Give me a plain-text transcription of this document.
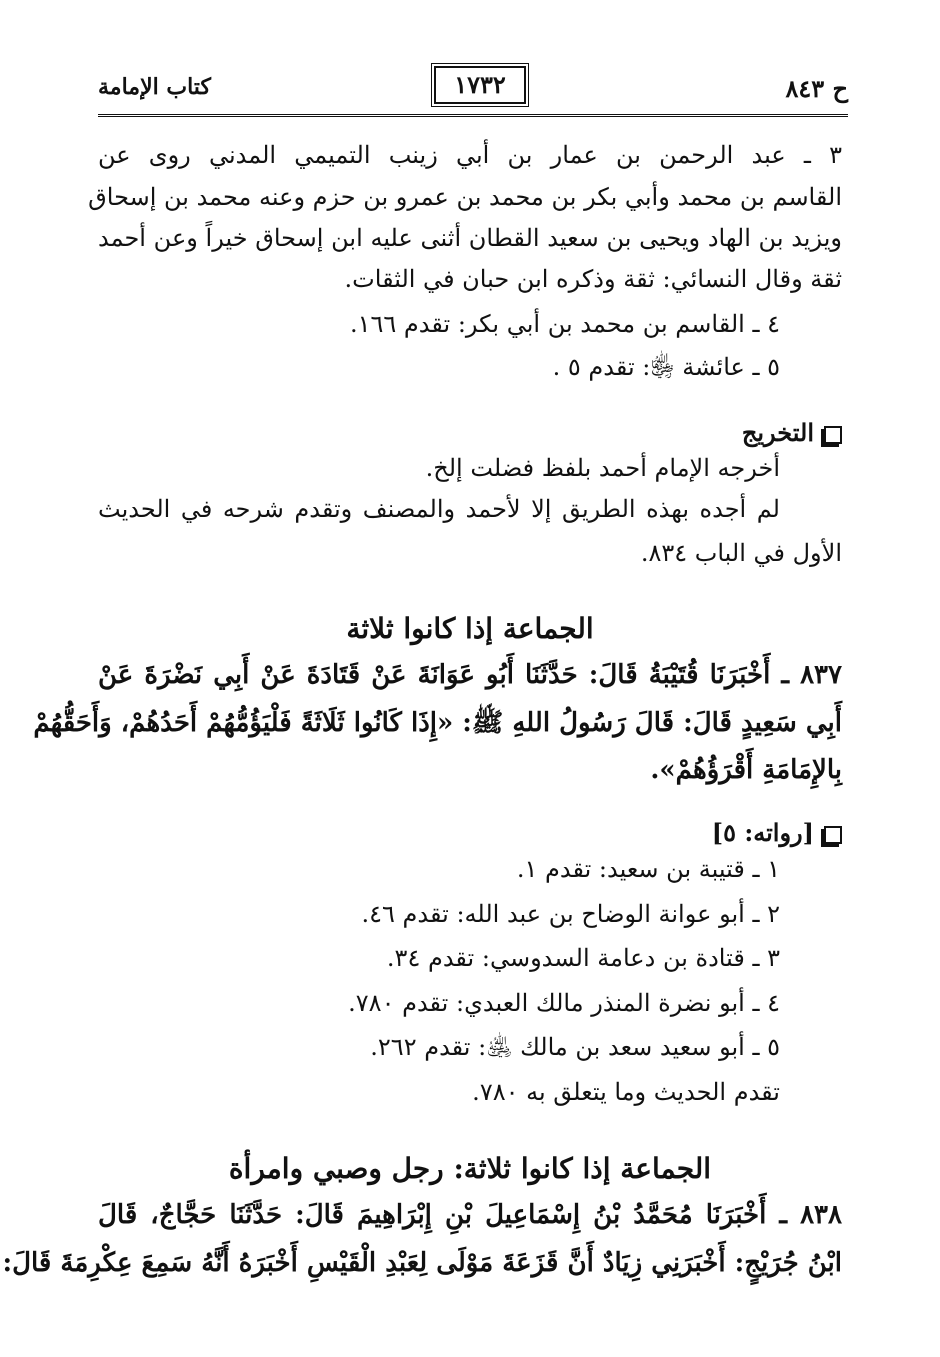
ح ٨٤٣
١٧٣٢
كتاب الإمامة
٣ ـ عبد الرحمن بن عمار بن أبي زينب التميمي المدني روى عن
القاسم بن محمد وأبي بكر بن محمد بن عمرو بن حزم وعنه محمد بن إسحاق
ويزيد بن الهاد ويحيى بن سعيد القطان أثنى عليه ابن إسحاق خيراً وعن أحمد
ثقة وقال النسائي: ثقة وذكره ابن حبان في الثقات.
٤ ـ القاسم بن محمد بن أبي بكر: تقدم ١٦٦.
٥ ـ عائشة ﵂: تقدم ٥ .
التخريج
أخرجه الإمام أحمد بلفظ فضلت إلخ.
لم أجده بهذه الطريق إلا لأحمد والمصنف وتقدم شرحه في الحديث
الأول في الباب ٨٣٤.
الجماعة إذا كانوا ثلاثة
٨٣٧ ـ أَخْبَرَنَا قُتَيْبَةُ قَالَ: حَدَّثَنَا أَبُو عَوَانَةَ عَنْ قَتَادَةَ عَنْ أَبِي نَضْرَةَ عَنْ
أَبِي سَعِيدٍ قَالَ: قَالَ رَسُولُ اللهِ ﷺ: «إِذَا كَانُوا ثَلَاثَةً فَلْيَؤُمُّهُمْ أَحَدُهُمْ، وَأَحَقُّهُمْ
بِالإِمَامَةِ أَقْرَؤُهُمْ».
[رواته: ٥]
١ ـ قتيبة بن سعيد: تقدم ١.
٢ ـ أبو عوانة الوضاح بن عبد الله: تقدم ٤٦.
٣ ـ قتادة بن دعامة السدوسي: تقدم ٣٤.
٤ ـ أبو نضرة المنذر مالك العبدي: تقدم ٧٨٠.
٥ ـ أبو سعيد سعد بن مالك ﵁: تقدم ٢٦٢.
تقدم الحديث وما يتعلق به ٧٨٠.
الجماعة إذا كانوا ثلاثة: رجل وصبي وامرأة
٨٣٨ ـ أَخْبَرَنَا مُحَمَّدُ بْنُ إِسْمَاعِيلَ بْنِ إِبْرَاهِيمَ قَالَ: حَدَّثَنَا حَجَّاجٌ، قَالَ
ابْنُ جُرَيْجٍ: أَخْبَرَنِي زِيَادٌ أَنَّ قَزَعَةَ مَوْلَى لِعَبْدِ الْقَيْسِ أَخْبَرَهُ أَنَّهُ سَمِعَ عِكْرِمَةَ قَالَ:
